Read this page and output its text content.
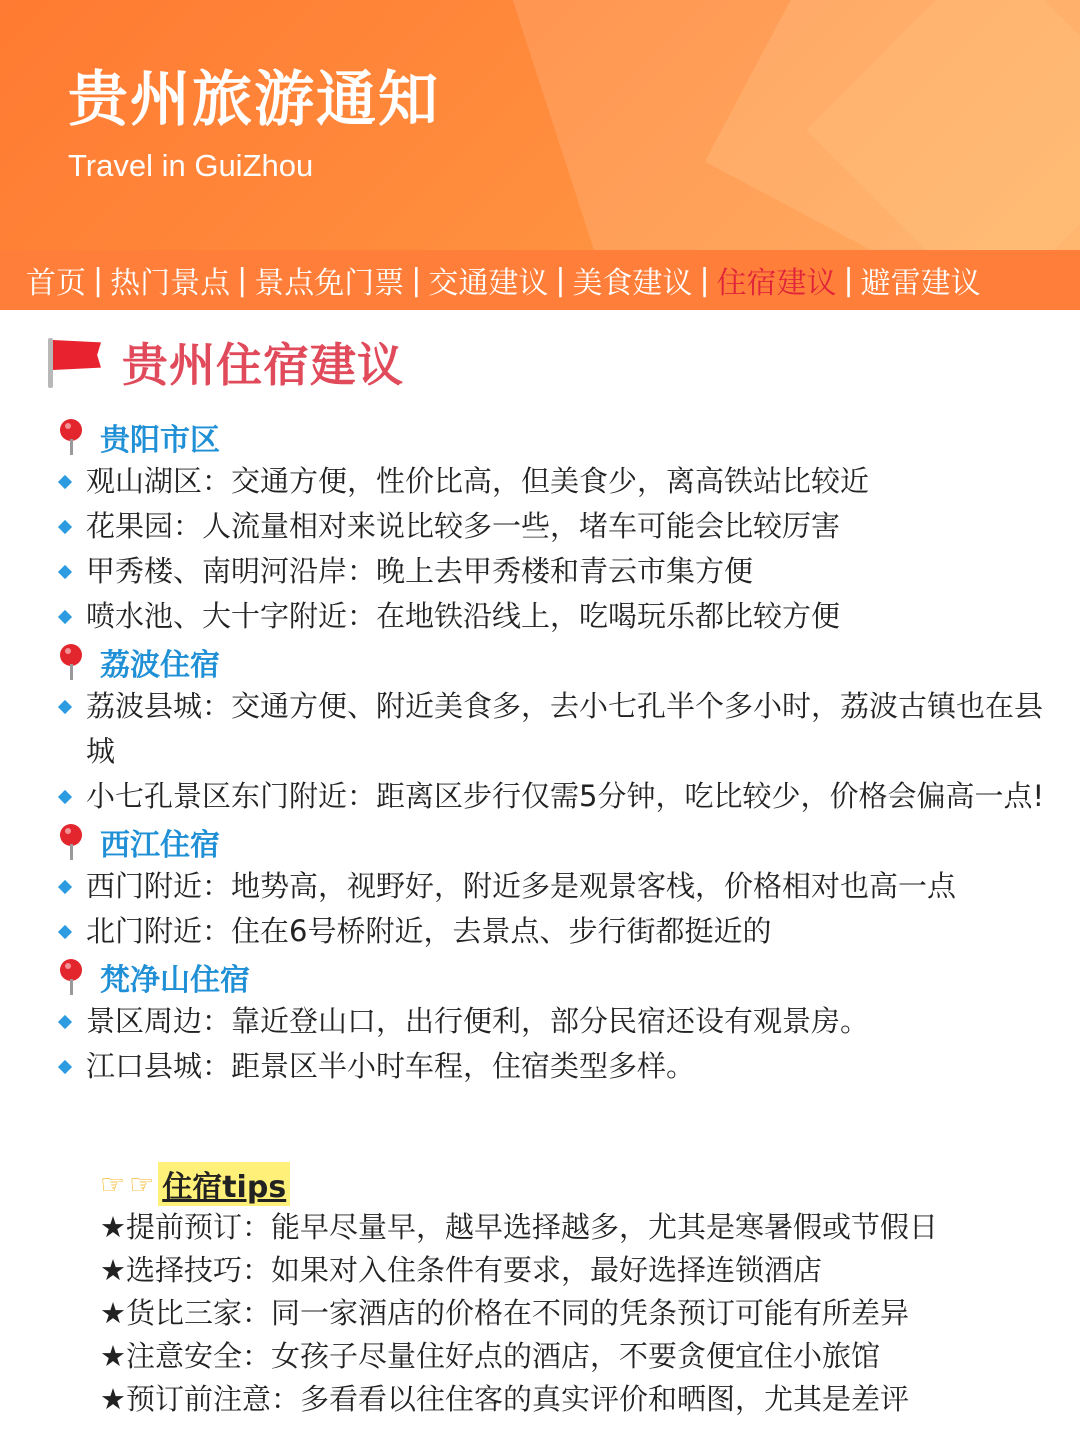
贵州旅游通知
Travel in GuiZhou
首页 | 热门景点 | 景点免门票 | 交通建议 | 美食建议 | 住宿建议 | 避雷建议
贵州住宿建议
贵阳市区
观山湖区：交通方便，性价比高，但美食少，离高铁站比较近
花果园：人流量相对来说比较多一些，堵车可能会比较厉害
甲秀楼、南明河沿岸：晚上去甲秀楼和青云市集方便
喷水池、大十字附近：在地铁沿线上，吃喝玩乐都比较方便
荔波住宿
荔波县城：交通方便、附近美食多，去小七孔半个多小时，荔波古镇也在县城
小七孔景区东门附近：距离区步行仅需5分钟，吃比较少，价格会偏高一点!
西江住宿
西门附近：地势高，视野好，附近多是观景客栈，价格相对也高一点
北门附近：住在6号桥附近，去景点、步行街都挺近的
梵净山住宿
景区周边：靠近登山口，出行便利，部分民宿还设有观景房。
江口县城：距景区半小时车程，住宿类型多样。
☞ ☞ 住宿tips
★提前预订：能早尽量早，越早选择越多，尤其是寒暑假或节假日
★选择技巧：如果对入住条件有要求，最好选择连锁酒店
★货比三家：同一家酒店的价格在不同的凭条预订可能有所差异
★注意安全：女孩子尽量住好点的酒店，不要贪便宜住小旅馆
★预订前注意：多看看以往住客的真实评价和晒图，尤其是差评
